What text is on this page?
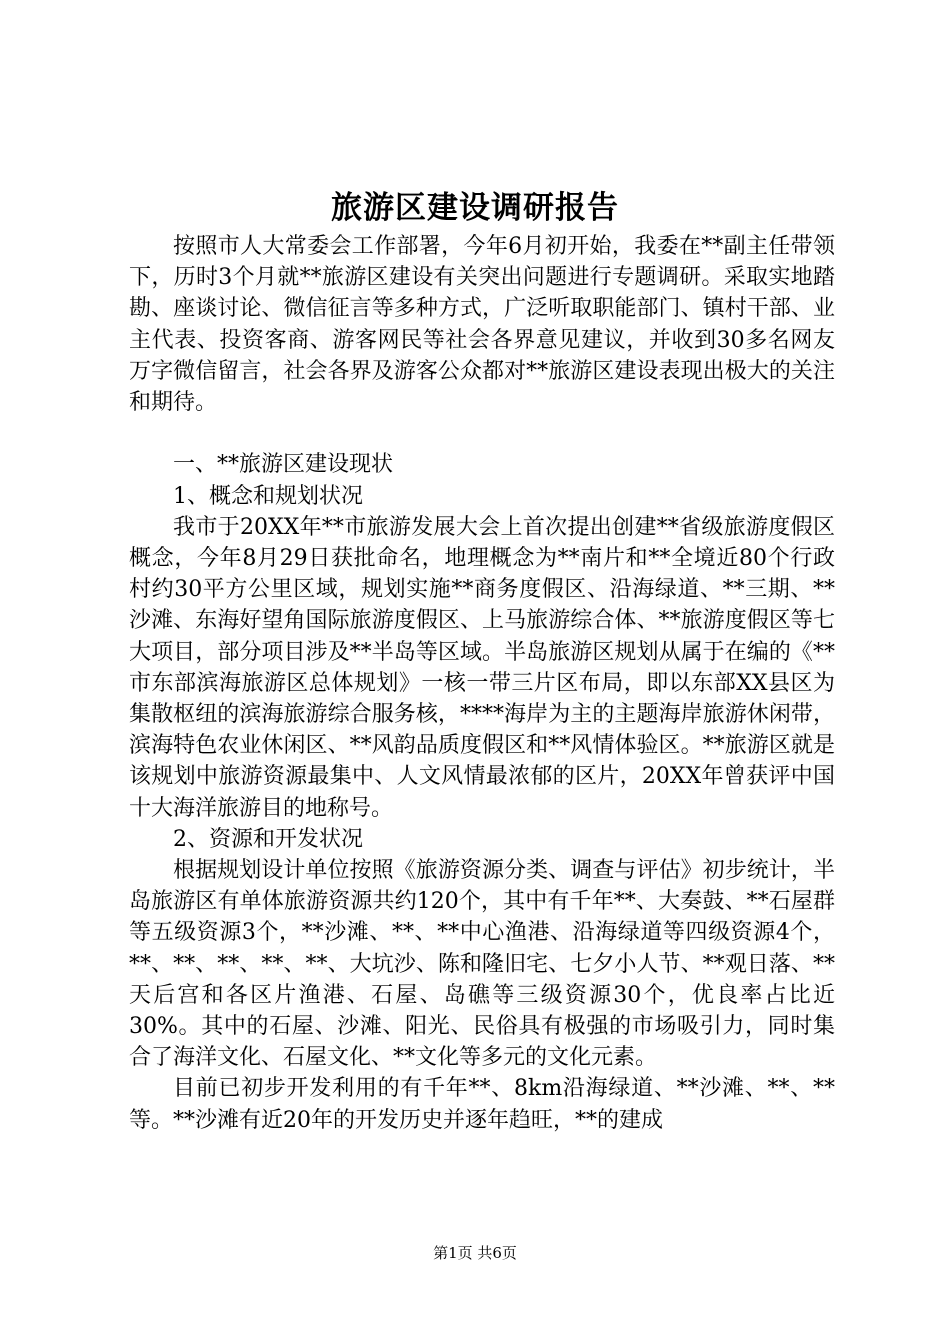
旅游区建设调研报告

按照市人大常委会工作部署，今年6月初开始，我委在**副主任带领下，历时3个月就**旅游区建设有关突出问题进行专题调研。采取实地踏勘、座谈讨论、微信征言等多种方式，广泛听取职能部门、镇村干部、业主代表、投资客商、游客网民等社会各界意见建议，并收到30多名网友万字微信留言，社会各界及游客公众都对**旅游区建设表现出极大的关注和期待。

一、**旅游区建设现状

1、概念和规划状况

我市于20XX年**市旅游发展大会上首次提出创建**省级旅游度假区概念，今年8月29日获批命名，地理概念为**南片和**全境近80个行政村约30平方公里区域，规划实施**商务度假区、沿海绿道、**三期、**沙滩、东海好望角国际旅游度假区、上马旅游综合体、**旅游度假区等七大项目，部分项目涉及**半岛等区域。半岛旅游区规划从属于在编的《**市东部滨海旅游区总体规划》一核一带三片区布局，即以东部XX县区为集散枢纽的滨海旅游综合服务核，****海岸为主的主题海岸旅游休闲带，滨海特色农业休闲区、**风韵品质度假区和**风情体验区。**旅游区就是该规划中旅游资源最集中、人文风情最浓郁的区片，20XX年曾获评中国十大海洋旅游目的地称号。

2、资源和开发状况

根据规划设计单位按照《旅游资源分类、调查与评估》初步统计，半岛旅游区有单体旅游资源共约120个，其中有千年**、大奏鼓、**石屋群等五级资源3个，**沙滩、**、**中心渔港、沿海绿道等四级资源4个，**、**、**、**、**、大坑沙、陈和隆旧宅、七夕小人节、**观日落、**天后宫和各区片渔港、石屋、岛礁等三级资源30个，优良率占比近30%。其中的石屋、沙滩、阳光、民俗具有极强的市场吸引力，同时集合了海洋文化、石屋文化、**文化等多元的文化元素。

目前已初步开发利用的有千年**、8km沿海绿道、**沙滩、**、**等。**沙滩有近20年的开发历史并逐年趋旺，**的建成

第1页 共6页
